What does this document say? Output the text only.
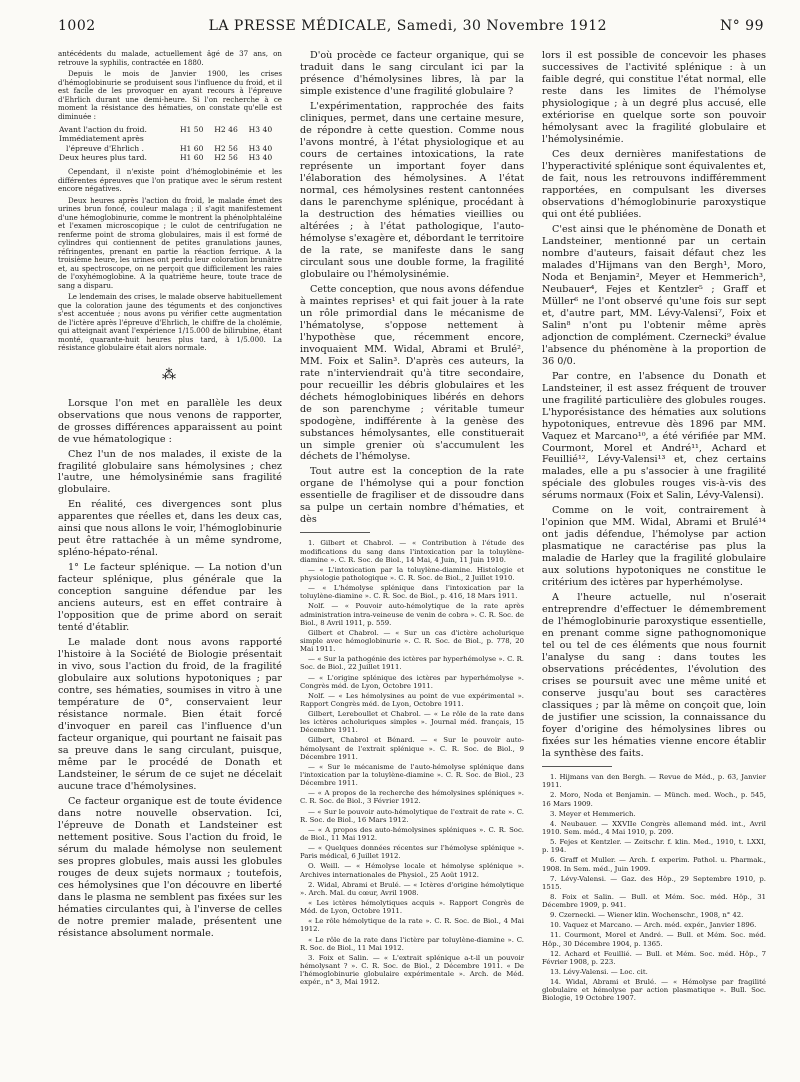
1002	LA PRESSE MÉDICALE, Samedi, 30 Novembre 1912	N° 99

antécédents du malade, actuellement âgé de 37 ans, on retrouve la syphilis, contractée en 1880.

Depuis le mois de Janvier 1900, les crises d'hémoglobinurie se produisent sous l'influence du froid, et il est facile de les provoquer en ayant recours à l'épreuve d'Ehrlich durant une demi-heure. Si l'on recherche à ce moment la résistance des hématies, on constate qu'elle est diminuée :

Avant l'action du froid.	H1 50	H2 46	H3 40
Immédiatement après			
l'épreuve d'Ehrlich .	H1 60	H2 56	H3 40
Deux heures plus tard.	H1 60	H2 56	H3 40

Cependant, il n'existe point d'hémoglobinémie et les différentes épreuves que l'on pratique avec le sérum restent encore négatives.

Deux heures après l'action du froid, le malade émet des urines brun foncé, couleur malaga ; il s'agit manifestement d'une hémoglobinurie, comme le montrent la phénolphtaléine et l'examen microscopique ; le culot de centrifugation ne renferme point de stroma globulaires, mais il est formé de cylindres qui contiennent de petites granulations jaunes, réfringentes, prenant en partie la réaction ferrique. A la troisième heure, les urines ont perdu leur coloration brunâtre et, au spectroscope, on ne perçoit que difficilement les raies de l'oxyhémoglobine. A la quatrième heure, toute trace de sang a disparu.

Le lendemain des crises, le malade observe habituellement que la coloration jaune des téguments et des conjonctives s'est accentuée ; nous avons pu vérifier cette augmentation de l'ictère après l'épreuve d'Ehrlich, le chiffre de la cholémie, qui atteignait avant l'expérience 1/15.000 de bilirubine, étant monté, quarante-huit heures plus tard, à 1/5.000. La résistance globulaire était alors normale.

⁂

Lorsque l'on met en parallèle les deux observations que nous venons de rapporter, de grosses différences apparaissent au point de vue hématologique :

Chez l'un de nos malades, il existe de la fragilité globulaire sans hémolysines ; chez l'autre, une hémolysinémie sans fragilité globulaire.

En réalité, ces divergences sont plus apparentes que réelles et, dans les deux cas, ainsi que nous allons le voir, l'hémoglobinurie peut être rattachée à un même syndrome, spléno-hépato-rénal.

1° Le facteur splénique. — La notion d'un facteur splénique, plus générale que la conception sanguine défendue par les anciens auteurs, est en effet contraire à l'opposition que de prime abord on serait tenté d'établir.

Le malade dont nous avons rapporté l'histoire à la Société de Biologie présentait in vivo, sous l'action du froid, de la fragilité globulaire aux solutions hypotoniques ; par contre, ses hématies, soumises in vitro à une température de 0°, conservaient leur résistance normale. Bien était forcé d'invoquer en pareil cas l'influence d'un facteur organique, qui pourtant ne faisait pas sa preuve dans le sang circulant, puisque, même par le procédé de Donath et Landsteiner, le sérum de ce sujet ne décelait aucune trace d'hémolysines.

Ce facteur organique est de toute évidence dans notre nouvelle observation. Ici, l'épreuve de Donath et Landsteiner est nettement positive. Sous l'action du froid, le sérum du malade hémolyse non seulement ses propres globules, mais aussi les globules rouges de deux sujets normaux ; toutefois, ces hémolysines que l'on découvre en liberté dans le plasma ne semblent pas fixées sur les hématies circulantes qui, à l'inverse de celles de notre premier malade, présentent une résistance absolument normale.

D'où procède ce facteur organique, qui se traduit dans le sang circulant ici par la présence d'hémolysines libres, là par la simple existence d'une fragilité globulaire ?

L'expérimentation, rapprochée des faits cliniques, permet, dans une certaine mesure, de répondre à cette question. Comme nous l'avons montré, à l'état physiologique et au cours de certaines intoxications, la rate représente un important foyer dans l'élaboration des hémolysines. A l'état normal, ces hémolysines restent cantonnées dans le parenchyme splénique, procédant à la destruction des hématies vieillies ou altérées ; à l'état pathologique, l'auto-hémolyse s'exagère et, débordant le territoire de la rate, se manifeste dans le sang circulant sous une double forme, la fragilité globulaire ou l'hémolysinémie.

Cette conception, que nous avons défendue à maintes reprises¹ et qui fait jouer à la rate un rôle primordial dans le mécanisme de l'hématolyse, s'oppose nettement à l'hypothèse que, récemment encore, invoquaient MM. Widal, Abrami et Brulé², MM. Foix et Salin³. D'après ces auteurs, la rate n'interviendrait qu'à titre secondaire, pour recueillir les débris globulaires et les déchets hémoglobiniques libérés en dehors de son parenchyme ; véritable tumeur spodogène, indifférente à la genèse des substances hémolysantes, elle constituerait un simple grenier où s'accumulent les déchets de l'hémolyse.

Tout autre est la conception de la rate organe de l'hémolyse qui a pour fonction essentielle de fragiliser et de dissoudre dans sa pulpe un certain nombre d'hématies, et dès

1. Gilbert et Chabrol. — « Contribution à l'étude des modifications du sang dans l'intoxication par la toluylène-diamine ». C. R. Soc. de Biol., 14 Mai, 4 Juin, 11 Juin 1910.

— « L'intoxication par la toluylène-diamine. Histologie et physiologie pathologique ». C. R. Soc. de Biol., 2 Juillet 1910.

— « L'hémolyse splénique dans l'intoxication par la toluylène-diamine ». C. R. Soc. de Biol., p. 416, 18 Mars 1911.

Nolf. — « Pouvoir auto-hémolytique de la rate après administration intra-veineuse de venin de cobra ». C. R. Soc. de Biol., 8 Avril 1911, p. 559.

Gilbert et Chabrol. — « Sur un cas d'ictère acholurique simple avec hémoglobinurie ». C. R. Soc. de Biol., p. 778, 20 Mai 1911.

— « Sur la pathogénie des ictères par hyperhémolyse ». C. R. Soc. de Biol., 22 Juillet 1911.

— « L'origine splénique des ictères par hyperhémolyse ». Congrès méd. de Lyon, Octobre 1911.

Nolf. — « Les hémolysines au point de vue expérimental ». Rapport Congrès méd. de Lyon, Octobre 1911.

Gilbert, Lereboullet et Chabrol. — « Le rôle de la rate dans les ictères acholuriques simples ». Journal méd. français, 15 Décembre 1911.

Gilbert, Chabrol et Bénard. — « Sur le pouvoir auto-hémolysant de l'extrait splénique ». C. R. Soc. de Biol., 9 Décembre 1911.

— « Sur le mécanisme de l'auto-hémolyse splénique dans l'intoxication par la toluylène-diamine ». C. R. Soc. de Biol., 23 Décembre 1911.

— « A propos de la recherche des hémolysines spléniques ». C. R. Soc. de Biol., 3 Février 1912.

— « Sur le pouvoir auto-hémolytique de l'extrait de rate ». C. R. Soc. de Biol., 16 Mars 1912.

— « A propos des auto-hémolysines spléniques ». C. R. Soc. de Biol., 11 Mai 1912.

— « Quelques données récentes sur l'hémolyse splénique ». Paris médical, 6 Juillet 1912.

O. Weill. — « Hémolyse locale et hémolyse splénique ». Archives internationales de Physiol., 25 Août 1912.

2. Widal, Abrami et Brulé. — « Ictères d'origine hémolytique ». Arch. Mal. du cœur, Avril 1908.

« Les ictères hémolytiques acquis ». Rapport Congrès de Méd. de Lyon, Octobre 1911.

« Le rôle hémolytique de la rate ». C. R. Soc. de Biol., 4 Mai 1912.

« Le rôle de la rate dans l'ictère par toluylène-diamine ». C. R. Soc. de Biol., 11 Mai 1912.

3. Foix et Salin. — « L'extrait splénique a-t-il un pouvoir hémolysant ? ». C. R. Soc. de Biol., 2 Décembre 1911. « De l'hémoglobinurie globulaire expérimentale ». Arch. de Méd. expér., n° 3, Mai 1912.

lors il est possible de concevoir les phases successives de l'activité splénique : à un faible degré, qui constitue l'état normal, elle reste dans les limites de l'hémolyse physiologique ; à un degré plus accusé, elle extériorise en quelque sorte son pouvoir hémolysant avec la fragilité globulaire et l'hémolysinémie.

Ces deux dernières manifestations de l'hyperactivité splénique sont équivalentes et, de fait, nous les retrouvons indifféremment rapportées, en compulsant les diverses observations d'hémoglobinurie paroxystique qui ont été publiées.

C'est ainsi que le phénomène de Donath et Landsteiner, mentionné par un certain nombre d'auteurs, faisait défaut chez les malades d'Hijmans van den Bergh¹, Moro, Noda et Benjamin², Meyer et Hemmerich³, Neubauer⁴, Fejes et Kentzler⁵ ; Graff et Müller⁶ ne l'ont observé qu'une fois sur sept et, d'autre part, MM. Lévy-Valensi⁷, Foix et Salin⁸ n'ont pu l'obtenir même après adjonction de complément. Czernecki⁹ évalue l'absence du phénomène à la proportion de 36 0/0.

Par contre, en l'absence du Donath et Landsteiner, il est assez fréquent de trouver une fragilité particulière des globules rouges. L'hyporésistance des hématies aux solutions hypotoniques, entrevue dès 1896 par MM. Vaquez et Marcano¹⁰, a été vérifiée par MM. Courmont, Morel et André¹¹, Achard et Feuillié¹², Lévy-Valensi¹³ et, chez certains malades, elle a pu s'associer à une fragilité spéciale des globules rouges vis-à-vis des sérums normaux (Foix et Salin, Lévy-Valensi).

Comme on le voit, contrairement à l'opinion que MM. Widal, Abrami et Brulé¹⁴ ont jadis défendue, l'hémolyse par action plasmatique ne caractérise pas plus la maladie de Harley que la fragilité globulaire aux solutions hypotoniques ne constitue le critérium des ictères par hyperhémolyse.

A l'heure actuelle, nul n'oserait entreprendre d'effectuer le démembrement de l'hémoglobinurie paroxystique essentielle, en prenant comme signe pathognomonique tel ou tel de ces éléments que nous fournit l'analyse du sang : dans toutes les observations précédentes, l'évolution des crises se poursuit avec une même unité et conserve jusqu'au bout ses caractères classiques ; par là même on conçoit que, loin de justifier une scission, la connaissance du foyer d'origine des hémolysines libres ou fixées sur les hématies vienne encore établir la synthèse des faits.

1. Hijmans van den Bergh. — Revue de Méd., p. 63, Janvier 1911.

2. Moro, Noda et Benjamin. — Münch. med. Woch., p. 545, 16 Mars 1909.

3. Meyer et Hemmerich.

4. Neubauer. — XXVIIe Congrès allemand méd. int., Avril 1910. Sem. méd., 4 Mai 1910, p. 209.

5. Fejes et Kentzler. — Zeitschr. f. klin. Med., 1910, t. LXXI, p. 194.

6. Graff et Muller. — Arch. f. experim. Pathol. u. Pharmak., 1908. In Sem. méd., Juin 1909.

7. Lévy-Valensi. — Gaz. des Hôp., 29 Septembre 1910, p. 1515.

8. Foix et Salin. — Bull. et Mém. Soc. méd. Hôp., 31 Décembre 1909, p. 941.

9. Czernecki. — Wiener klin. Wochenschr., 1908, n° 42.

10. Vaquez et Marcano. — Arch. méd. expér., Janvier 1896.

11. Courmont, Morel et André. — Bull. et Mém. Soc. méd. Hôp., 30 Décembre 1904, p. 1365.

12. Achard et Feuillié. — Bull. et Mém. Soc. méd. Hôp., 7 Février 1908, p. 223.

13. Lévy-Valensi. — Loc. cit.

14. Widal, Abrami et Brulé. — « Hémolyse par fragilité globulaire et hémolyse par action plasmatique ». Bull. Soc. Biologie, 19 Octobre 1907.
